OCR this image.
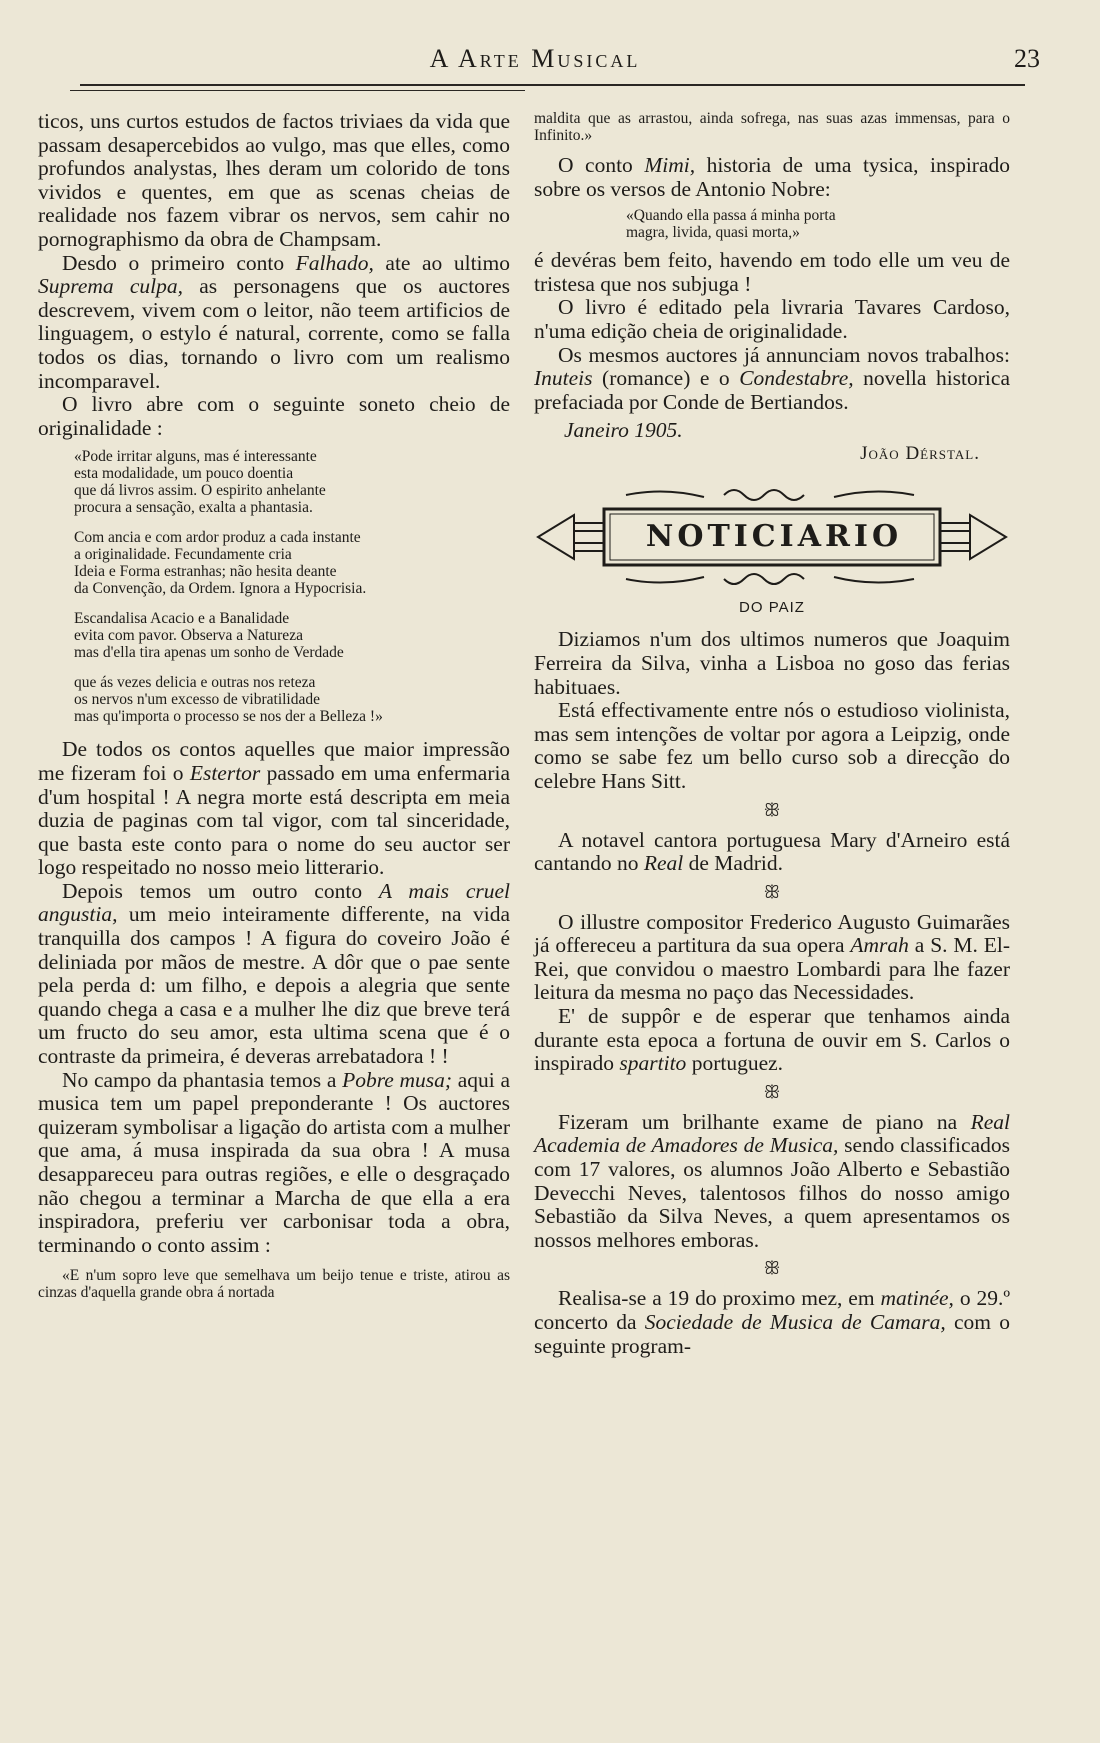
A Arte Musical	23

ticos, uns curtos estudos de factos triviaes da vida que passam desapercebidos ao vulgo, mas que elles, como profundos analystas, lhes deram um colorido de tons vividos e quentes, em que as scenas cheias de realidade nos fazem vibrar os nervos, sem cahir no pornographismo da obra de Champsam.

Desdo o primeiro conto Falhado, ate ao ultimo Suprema culpa, as personagens que os auctores descrevem, vivem com o leitor, não teem artificios de linguagem, o estylo é natural, corrente, como se falla todos os dias, tornando o livro com um realismo incomparavel.

O livro abre com o seguinte soneto cheio de originalidade :

«Pode irritar alguns, mas é interessante
esta modalidade, um pouco doentia
que dá livros assim. O espirito anhelante
procura a sensação, exalta a phantasia.
Com ancia e com ardor produz a cada instante
a originalidade. Fecundamente cria
Ideia e Forma estranhas; não hesita deante
da Convenção, da Ordem. Ignora a Hypocrisia.
Escandalisa Acacio e a Banalidade
evita com pavor. Observa a Natureza
mas d'ella tira apenas um sonho de Verdade
que ás vezes delicia e outras nos reteza
os nervos n'um excesso de vibratilidade
mas qu'importa o processo se nos der a Belleza !»

De todos os contos aquelles que maior impressão me fizeram foi o Estertor passado em uma enfermaria d'um hospital ! A negra morte está descripta em meia duzia de paginas com tal vigor, com tal sinceridade, que basta este conto para o nome do seu auctor ser logo respeitado no nosso meio litterario.

Depois temos um outro conto A mais cruel angustia, um meio inteiramente differente, na vida tranquilla dos campos ! A figura do coveiro João é deliniada por mãos de mestre. A dôr que o pae sente pela perda d: um filho, e depois a alegria que sente quando chega a casa e a mulher lhe diz que breve terá um fructo do seu amor, esta ultima scena que é o contraste da primeira, é deveras arrebatadora ! !

No campo da phantasia temos a Pobre musa; aqui a musica tem um papel preponderante ! Os auctores quizeram symbolisar a ligação do artista com a mulher que ama, á musa inspirada da sua obra ! A musa desappareceu para outras regiões, e elle o desgraçado não chegou a terminar a Marcha de que ella a era inspiradora, preferiu ver carbonisar toda a obra, terminando o conto assim :

«E n'um sopro leve que semelhava um beijo tenue e triste, atirou as cinzas d'aquella grande obra á nortada
maldita que as arrastou, ainda sofrega, nas suas azas immensas, para o Infinito.»

O conto Mimi, historia de uma tysica, inspirado sobre os versos de Antonio Nobre:

«Quando ella passa á minha porta
magra, livida, quasi morta,»

é devéras bem feito, havendo em todo elle um veu de tristesa que nos subjuga !

O livro é editado pela livraria Tavares Cardoso, n'uma edição cheia de originalidade.

Os mesmos auctores já annunciam novos trabalhos: Inuteis (romance) e o Condestabre, novella historica prefaciada por Conde de Bertiandos.

Janeiro 1905.
João Dérstal.
NOTICIARIO
DO PAIZ

Diziamos n'um dos ultimos numeros que Joaquim Ferreira da Silva, vinha a Lisboa no goso das ferias habituaes.

Está effectivamente entre nós o estudioso violinista, mas sem intenções de voltar por agora a Leipzig, onde como se sabe fez um bello curso sob a direcção do celebre Hans Sitt.

ꕥ

A notavel cantora portuguesa Mary d'Arneiro está cantando no Real de Madrid.

ꕥ

O illustre compositor Frederico Augusto Guimarães já offereceu a partitura da sua opera Amrah a S. M. El-Rei, que convidou o maestro Lombardi para lhe fazer leitura da mesma no paço das Necessidades.

E' de suppôr e de esperar que tenhamos ainda durante esta epoca a fortuna de ouvir em S. Carlos o inspirado spartito portuguez.

ꕥ

Fizeram um brilhante exame de piano na Real Academia de Amadores de Musica, sendo classificados com 17 valores, os alumnos João Alberto e Sebastião Devecchi Neves, talentosos filhos do nosso amigo Sebastião da Silva Neves, a quem apresentamos os nossos melhores emboras.

ꕥ

Realisa-se a 19 do proximo mez, em matinée, o 29.º concerto da Sociedade de Musica de Camara, com o seguinte program-
